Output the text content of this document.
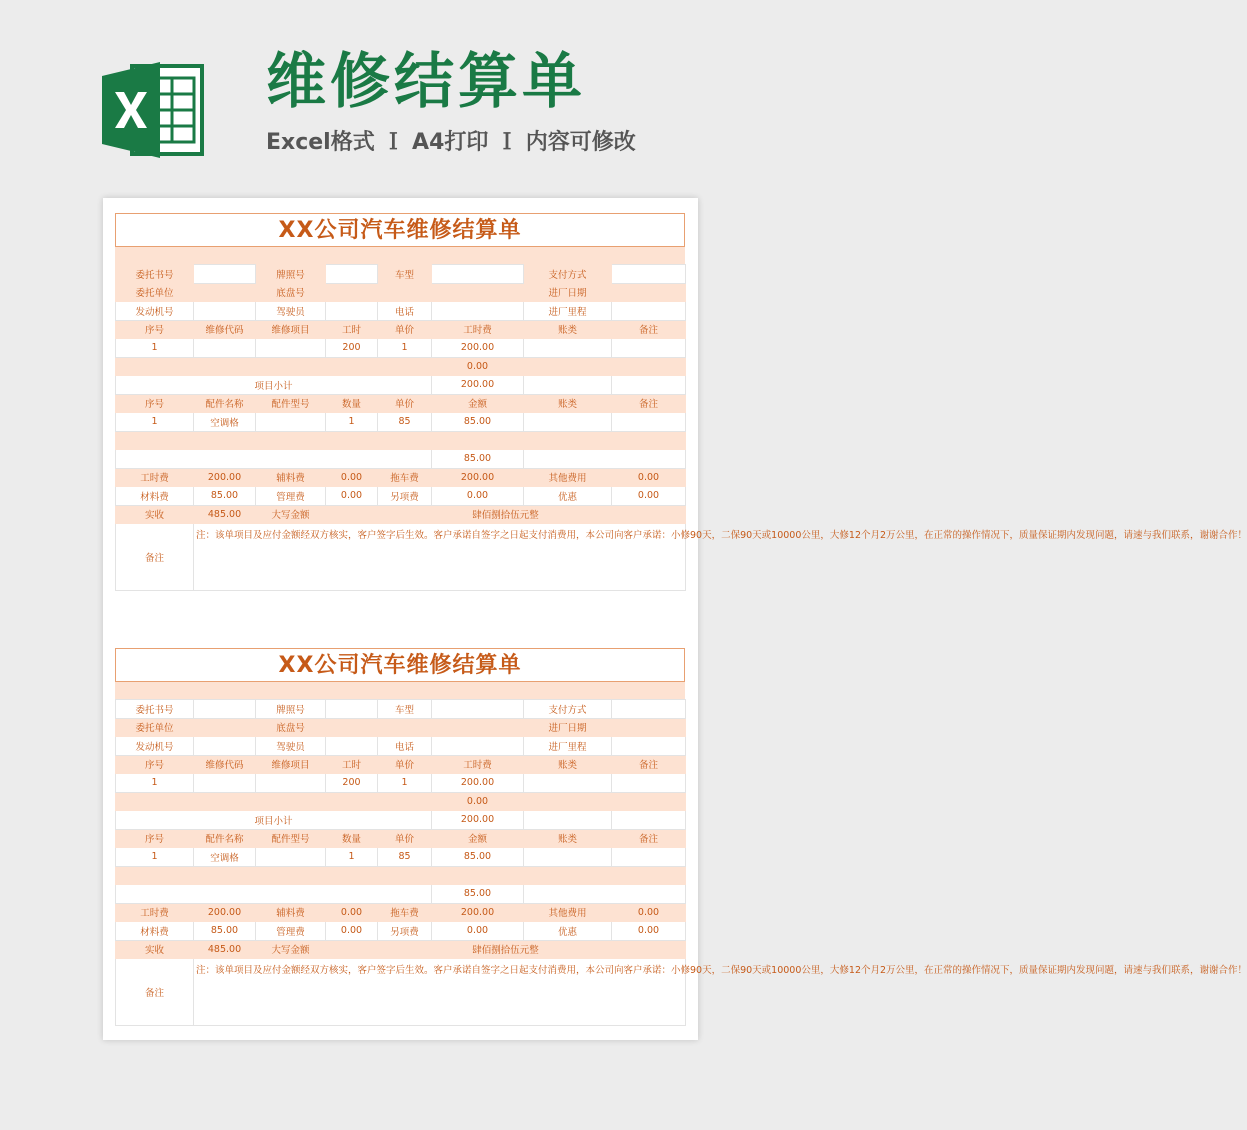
维修结算单
Excel格式 Ｉ A4打印 Ｉ 内容可修改
XX公司汽车维修结算单
委托书号		牌照号		车型		支付方式	
委托单位		底盘号				进厂日期	
发动机号		驾驶员		电话		进厂里程	
序号	维修代码	维修项目	工时	单价	工时费	账类	备注
1			200	1	200.00		
					0.00		
项目小计					200.00		
序号	配件名称	配件型号	数量	单价	金额	账类	备注
1	空调格		1	85	85.00		

					85.00		
工时费	200.00	辅料费	0.00	拖车费	200.00	其他费用	0.00
材料费	85.00	管理费	0.00	另项费	0.00	优惠	0.00
实收	485.00	大写金额	肆佰捌拾伍元整				
备注	注：该单项目及应付金额经双方核实，客户签字后生效。客户承诺自签字之日起支付消费用，本公司向客户承诺：小修90天，二保90天或10000公里，大修12个月2万公里，在正常的操作情况下，质量保证期内发现问题，请速与我们联系，谢谢合作！						
XX公司汽车维修结算单
委托书号		牌照号		车型		支付方式	
委托单位		底盘号				进厂日期	
发动机号		驾驶员		电话		进厂里程	
序号	维修代码	维修项目	工时	单价	工时费	账类	备注
1			200	1	200.00		
					0.00		
项目小计					200.00		
序号	配件名称	配件型号	数量	单价	金额	账类	备注
1	空调格		1	85	85.00		

					85.00		
工时费	200.00	辅料费	0.00	拖车费	200.00	其他费用	0.00
材料费	85.00	管理费	0.00	另项费	0.00	优惠	0.00
实收	485.00	大写金额	肆佰捌拾伍元整				
备注	注：该单项目及应付金额经双方核实，客户签字后生效。客户承诺自签字之日起支付消费用，本公司向客户承诺：小修90天，二保90天或10000公里，大修12个月2万公里，在正常的操作情况下，质量保证期内发现问题，请速与我们联系，谢谢合作！						
